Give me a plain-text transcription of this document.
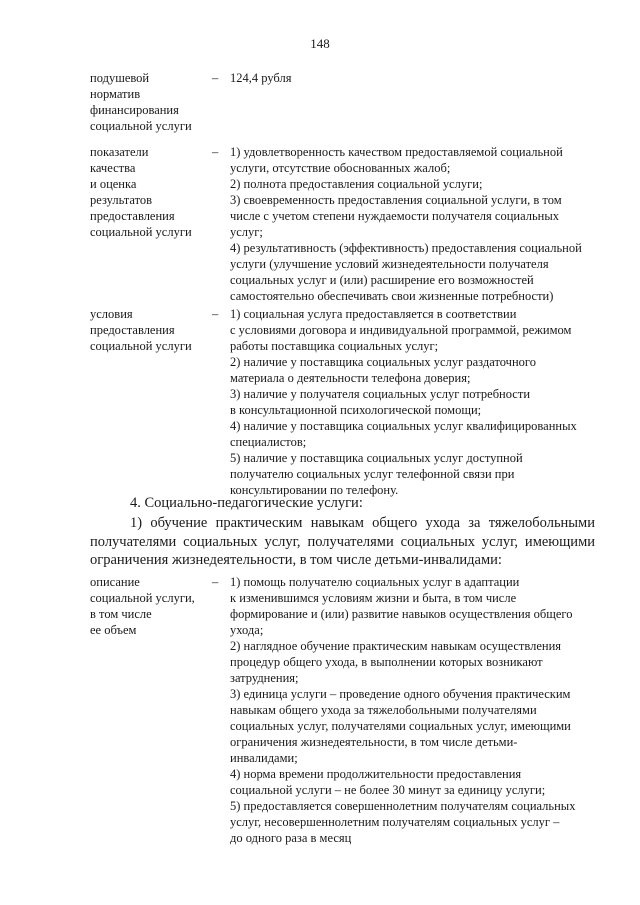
148
подушевой
норматив
финансирования
социальной услуги
– 124,4 рубля
показатели
качества
и оценка
результатов
предоставления
социальной услуги
– 1) удовлетворенность качеством предоставляемой социальной
услуги, отсутствие обоснованных жалоб;
2) полнота предоставления социальной услуги;
3) своевременность предоставления социальной услуги, в том
числе с учетом степени нуждаемости получателя социальных
услуг;
4) результативность (эффективность) предоставления социальной
услуги (улучшение условий жизнедеятельности получателя
социальных услуг и (или) расширение его возможностей
самостоятельно обеспечивать свои жизненные потребности)
условия
предоставления
социальной услуги
– 1) социальная услуга предоставляется в соответствии
с условиями договора и индивидуальной программой, режимом
работы поставщика социальных услуг;
2) наличие у поставщика социальных услуг раздаточного
материала о деятельности телефона доверия;
3) наличие у получателя социальных услуг потребности
в консультационной психологической помощи;
4) наличие у поставщика социальных услуг квалифицированных
специалистов;
5) наличие у поставщика социальных услуг доступной
получателю социальных услуг телефонной связи при
консультировании по телефону.
4. Социально-педагогические услуги:
1) обучение практическим навыкам общего ухода за тяжелобольными
получателями социальных услуг, получателями социальных услуг, имеющими
ограничения жизнедеятельности, в том числе детьми-инвалидами:
описание
социальной услуги,
в том числе
ее объем
– 1) помощь получателю социальных услуг в адаптации
к изменившимся условиям жизни и быта, в том числе
формирование и (или) развитие навыков осуществления общего
ухода;
2) наглядное обучение практическим навыкам осуществления
процедур общего ухода, в выполнении которых возникают
затруднения;
3) единица услуги – проведение одного обучения практическим
навыкам общего ухода за тяжелобольными получателями
социальных услуг, получателями социальных услуг, имеющими
ограничения жизнедеятельности, в том числе детьми-
инвалидами;
4) норма времени продолжительности предоставления
социальной услуги – не более 30 минут за единицу услуги;
5) предоставляется совершеннолетним получателям социальных
услуг, несовершеннолетним получателям социальных услуг –
до одного раза в месяц
